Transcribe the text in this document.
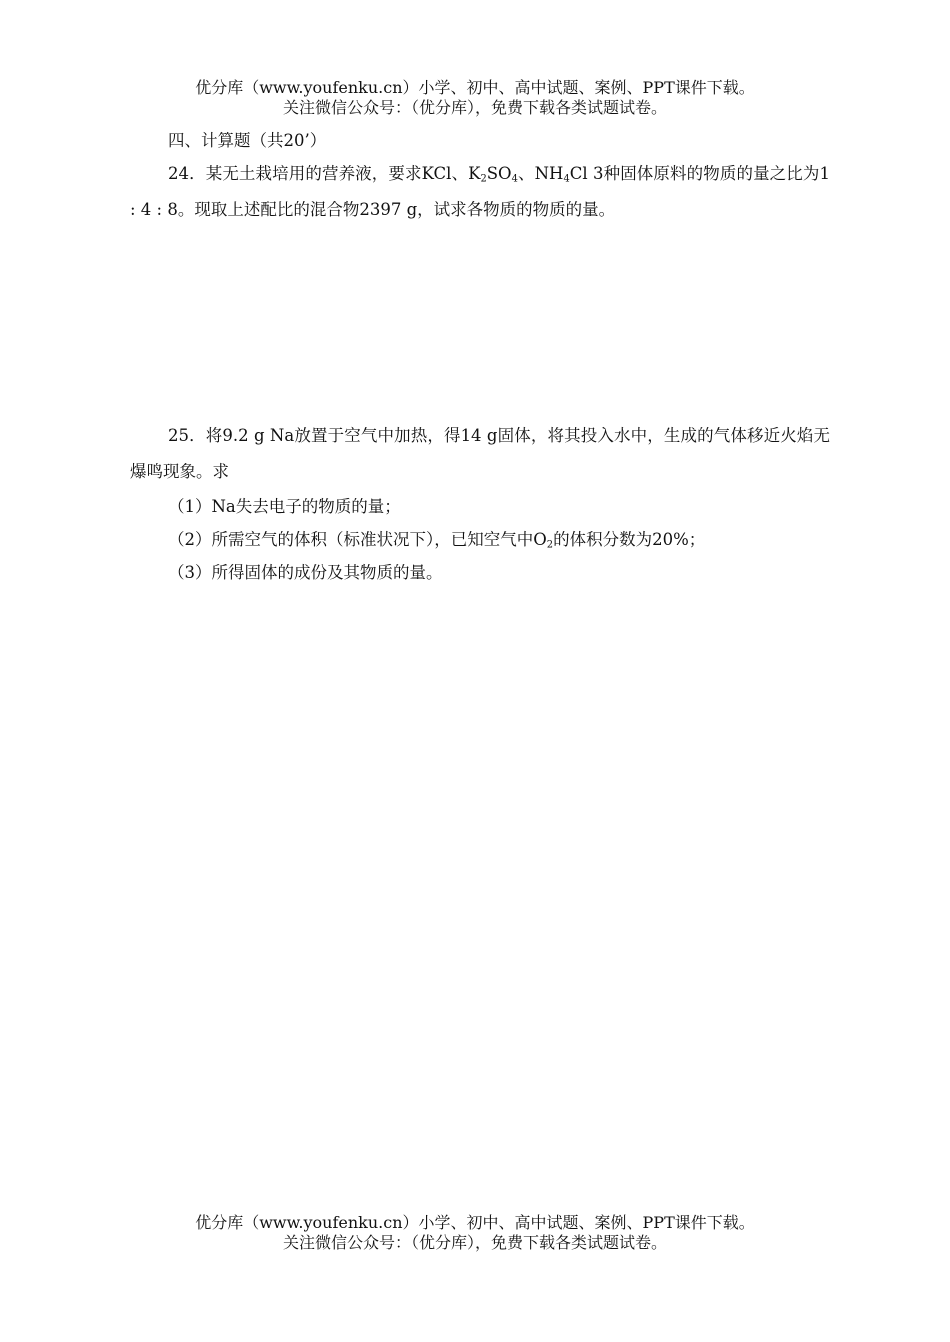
优分库（www.youfenku.cn）小学、初中、高中试题、案例、PPT课件下载。
关注微信公众号：（优分库），免费下载各类试题试卷。

四、计算题（共20’）

24．某无土栽培用的营养液，要求KCl、$K_2SO_4$、$NH_4Cl$ 3种固体原料的物质的量之比为1 : 4 : 8。现取上述配比的混合物2397 g，试求各物质的物质的量。

25．将9.2 g Na放置于空气中加热，得14 g固体，将其投入水中，生成的气体移近火焰无爆鸣现象。求

（1）Na失去电子的物质的量；

（2）所需空气的体积（标准状况下），已知空气中$O_2$的体积分数为20%；

（3）所得固体的成份及其物质的量。

优分库（www.youfenku.cn）小学、初中、高中试题、案例、PPT课件下载。
关注微信公众号：（优分库），免费下载各类试题试卷。
